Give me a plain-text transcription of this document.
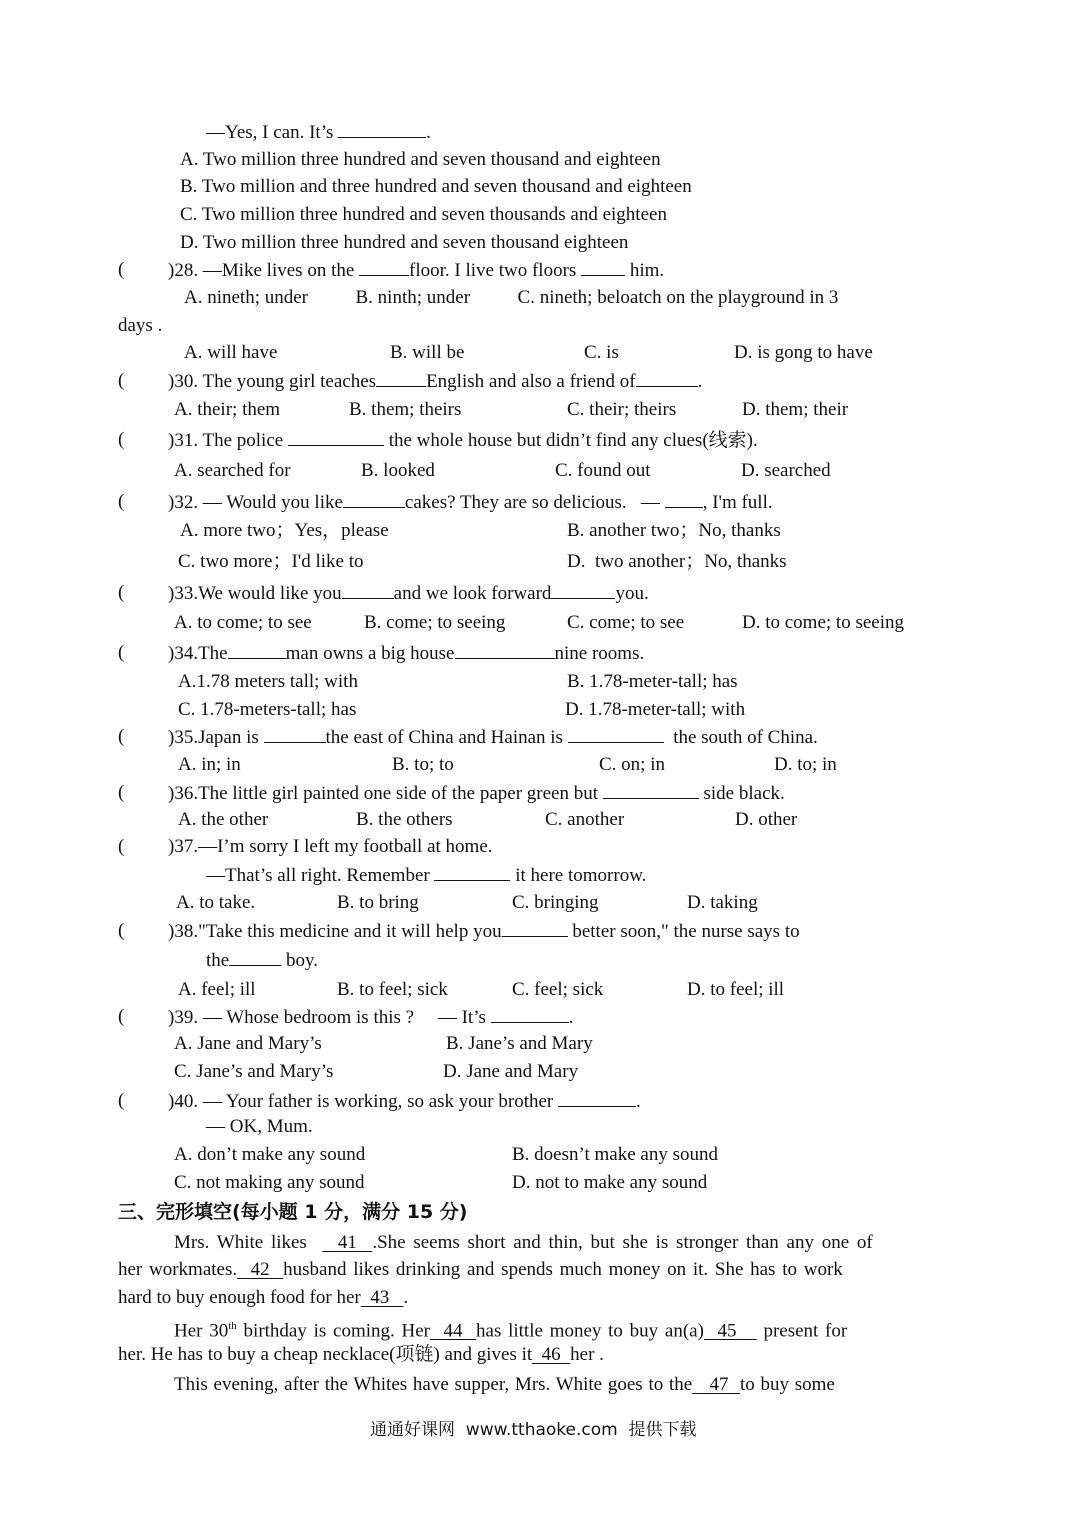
—Yes, I can. It’s	.
A. Two million three hundred and seven thousand and eighteen
B. Two million and three hundred and seven thousand and eighteen
C. Two million three hundred and seven thousands and eighteen
D. Two million three hundred and seven thousand eighteen
( )28. —Mike lives on the	floor. I live two floors	him.
A. nineth; under          B. ninth; under          C. nineth; beloatch on the playground in 3
days .
A. will have	B. will be	C. is	D. is gong to have
( )30. The young girl teaches	English and also a friend of	.
A. their; them	B. them; theirs	C. their; theirs	D. them; their
( )31. The police	the whole house but didn’t find any clues(线索).
A. searched for	B. looked	C. found out	D. searched
( )32. — Would you like	cakes? They are so delicious.   — , I'm full.
A. more two；Yes，please	B. another two；No, thanks
C. two more；I'd like to	D.  two another；No, thanks
( )33.We would like you	and we look forward	you.
A. to come; to see	B. come; to seeing	C. come; to see	D. to come; to seeing
( )34.The	man owns a big house	nine rooms.
A.1.78 meters tall; with	B. 1.78-meter-tall; has
C. 1.78-meters-tall; has	D. 1.78-meter-tall; with
( )35.Japan is	the east of China and Hainan is	the south of China.
A. in; in	B. to; to	C. on; in	D. to; in
( )36.The little girl painted one side of the paper green but	side black.
A. the other	B. the others	C. another	D. other
( )37.—I’m sorry I left my football at home.
—That’s all right. Remember	it here tomorrow.
A. to take.	B. to bring	C. bringing	D. taking
( )38."Take this medicine and it will help you	better soon," the nurse says to
the	boy.
A. feel; ill	B. to feel; sick	C. feel; sick	D. to feel; ill
( )39. — Whose bedroom is this ?     — It’s	.
A. Jane and Mary’s	B. Jane’s and Mary
C. Jane’s and Mary’s	D. Jane and Mary
( )40. — Your father is working, so ask your brother	.
— OK, Mum.
A. don’t make any sound	B. doesn’t make any sound
C. not making any sound	D. not to make any sound
三、完形填空(每小题 1 分，满分 15 分)
Mrs. White likes 41 .She seems short and thin, but she is stronger than any one of
her workmates. 42 husband likes drinking and spends much money on it. She has to work
hard to buy enough food for her 43 .
Her 30th birthday is coming. Her 44 has little money to buy an(a) 45 present for
her. He has to buy a cheap necklace(项链) and gives it 46 her .
This evening, after the Whites have supper, Mrs. White goes to the 47 to buy some
通通好课网  www.tthaoke.com  提供下载
